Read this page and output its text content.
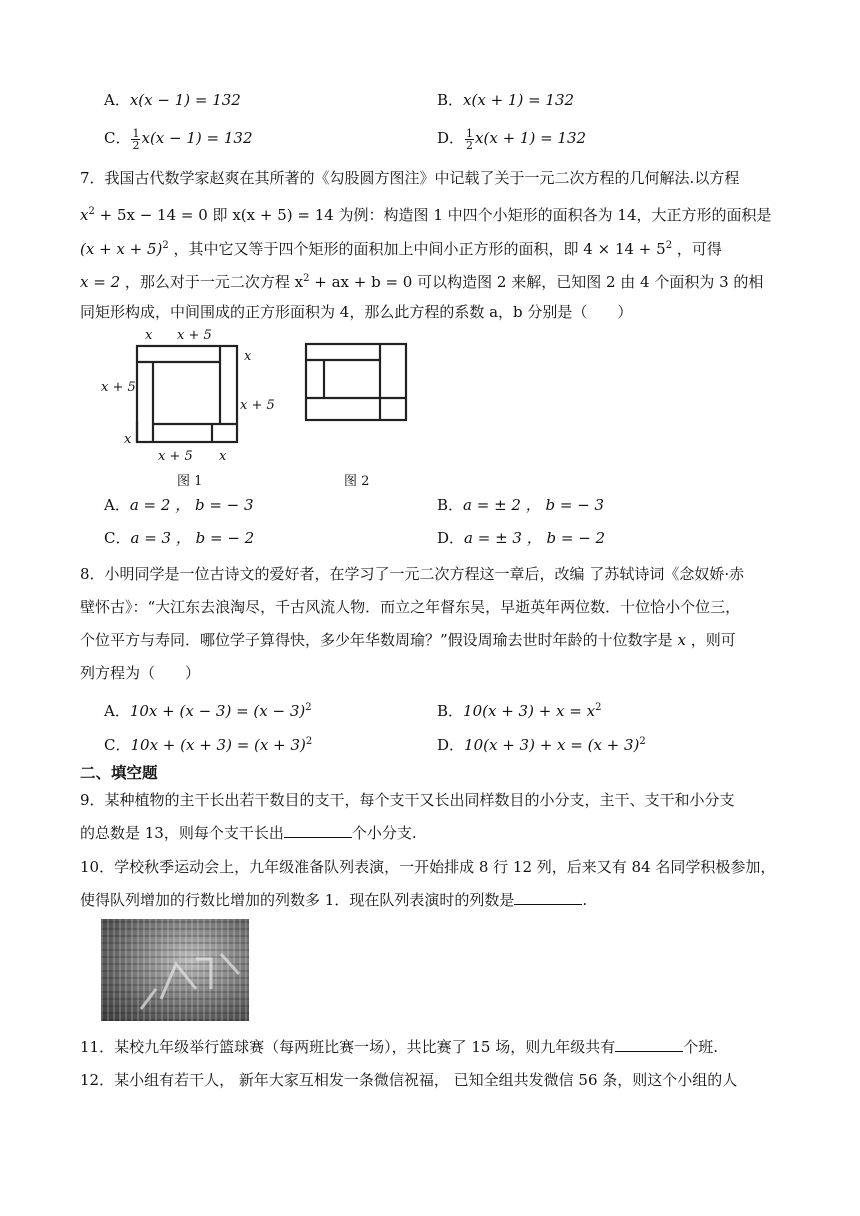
A．x(x − 1) = 132	B．x(x + 1) = 132
C． $\frac{1}{2} x(x - 1) = 132$	D． $\frac{1}{2} x(x + 1) = 132$
7．我国古代数学家赵爽在其所著的《勾股圆方图注》中记载了关于一元二次方程的几何解法.以方程
$x^2 + 5x - 14 = 0$ 即 x(x + 5) = 14 为例：构造图 1 中四个小矩形的面积各为 14，大正方形的面积是
$(x + x + 5)^2$ ，其中它又等于四个矩形的面积加上中间小正方形的面积，即 $4 \times 14 + 5^2$ ，可得
x = 2 ，那么对于一元二次方程 $x^2$ + ax + b = 0 可以构造图 2 来解，已知图 2 由 4 个面积为 3 的相
同矩形构成，中间围成的正方形面积为 4，那么此方程的系数 a，b 分别是（　　）
x x + 5
x
x + 5
x + 5
x
x + 5 x
图 1	图 2
A．a = 2 ， b = − 3	B．a = ± 2 ， b = − 3
C．a = 3 ， b = − 2	D．a = ± 3 ， b = − 2
8．小明同学是一位古诗文的爱好者，在学习了一元二次方程这一章后，改编 了苏轼诗词《念奴娇·赤
壁怀古》：“大江东去浪淘尽，千古风流人物．而立之年督东吴，早逝英年两位数．十位恰小个位三，
个位平方与寿同．哪位学子算得快，多少年华数周瑜？”假设周瑜去世时年龄的十位数字是 x ，则可
列方程为（　　）
A．$10x + (x - 3) = (x - 3)^2$	B．$10(x + 3) + x = x^2$
C．$10x + (x + 3) = (x + 3)^2$	D．$10(x + 3) + x = (x + 3)^2$
二、填空题
9．某种植物的主干长出若干数目的支干，每个支干又长出同样数目的小分支，主干、支干和小分支
的总数是 13，则每个支干长出	个小分支.
10．学校秋季运动会上，九年级准备队列表演，一开始排成 8 行 12 列，后来又有 84 名同学积极参加，
使得队列增加的行数比增加的列数多 1．现在队列表演时的列数是	.
11．某校九年级举行篮球赛（每两班比赛一场），共比赛了 15 场，则九年级共有	个班.
12．某小组有若干人， 新年大家互相发一条微信祝福， 已知全组共发微信 56 条，则这个小组的人
